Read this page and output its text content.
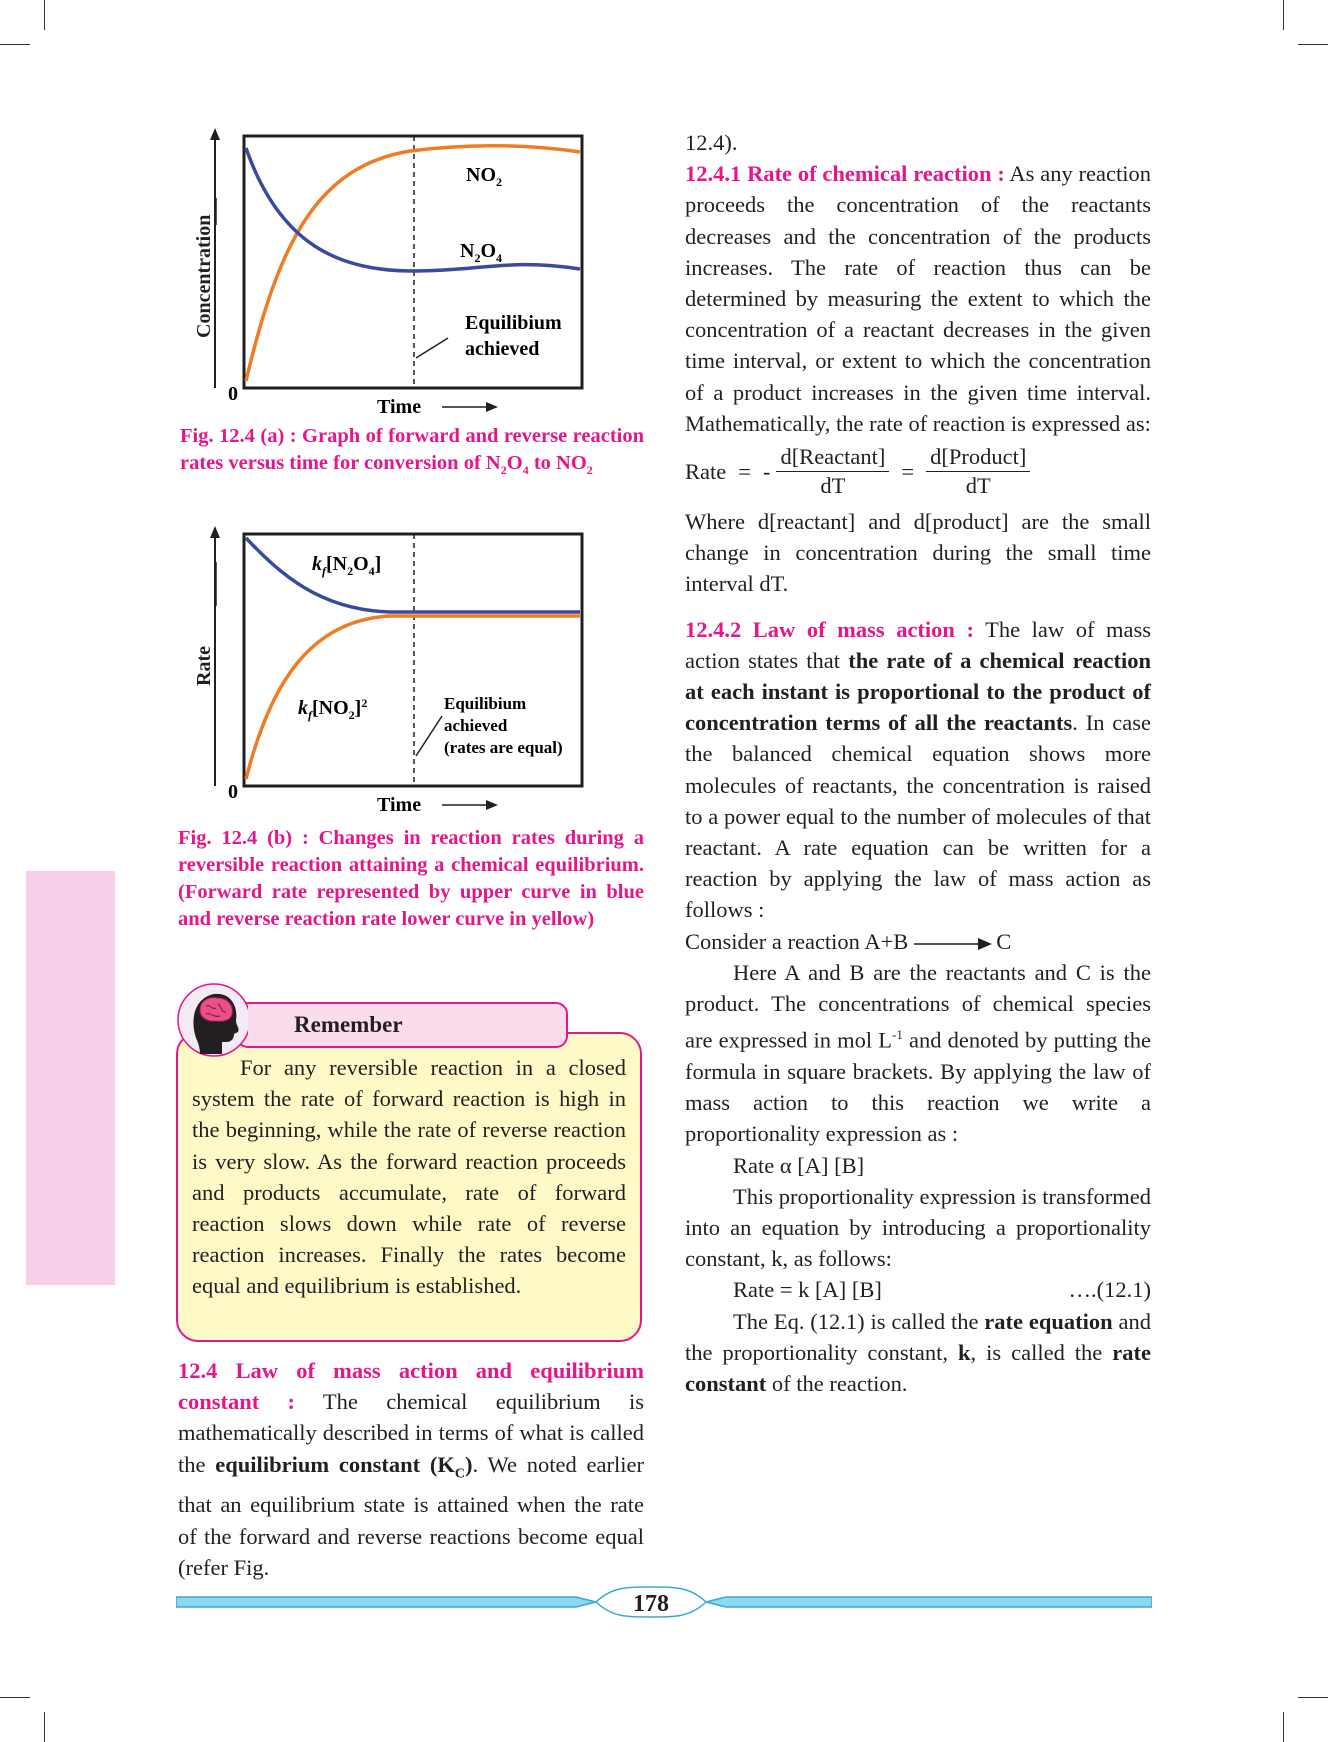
Concentration
0
Time
$NO_2$
$N_2O_4$
Equilibium
achieved
Fig. 12.4 (a) : Graph of forward and reverse reaction rates versus time for conversion of $N_2O_4$ to $NO_2$
Rate
0
Time
$k_f[N_2O_4]$
$k_f[NO_2]^2$	Equilibium
achieved
(rates are equal)
Fig. 12.4 (b) : Changes in reaction rates during a reversible reaction attaining a chemical equilibrium. (Forward rate represented by upper curve in blue and reverse reaction rate lower curve in yellow)

For any reversible reaction in a closed system the rate of forward reaction is high in the beginning, while the rate of reverse reaction is very slow. As the forward reaction proceeds and products accumulate, rate of forward reaction slows down while rate of reverse reaction increases. Finally the rates become equal and equilibrium is established.

Remember

12.4 Law of mass action and equilibrium constant : The chemical equilibrium is mathematically described in terms of what is called the equilibrium constant $(K_C)$. We noted earlier that an equilibrium state is attained when the rate of the forward and reverse reactions become equal (refer Fig.

12.4).

12.4.1 Rate of chemical reaction : As any reaction proceeds the concentration of the reactants decreases and the concentration of the products increases. The rate of reaction thus can be determined by measuring the extent to which the concentration of a reactant decreases in the given time interval, or extent to which the concentration of a product increases in the given time interval. Mathematically, the rate of reaction is expressed as:

Rate = - $\frac{\text{d[Reactant]}}{dT} = \frac{\text{d[Product]}}{dT}$

Where d[reactant] and d[product] are the small change in concentration during the small time interval dT.

12.4.2 Law of mass action : The law of mass action states that the rate of a chemical reaction at each instant is proportional to the product of concentration terms of all the reactants. In case the balanced chemical equation shows more molecules of reactants, the concentration is raised to a power equal to the number of molecules of that reactant. A rate equation can be written for a reaction by applying the law of mass action as follows :

Consider a reaction A+B → C

Here A and B are the reactants and C is the product. The concentrations of chemical species are expressed in mol $L^{-1}$ and denoted by putting the formula in square brackets. By applying the law of mass action to this reaction we write a proportionality expression as :

Rate α [A] [B]

This proportionality expression is transformed into an equation by introducing a proportionality constant, k, as follows:

Rate = k [A] [B]	….(12.1)

The Eq. (12.1) is called the rate equation and the proportionality constant, k, is called the rate constant of the reaction.

178
